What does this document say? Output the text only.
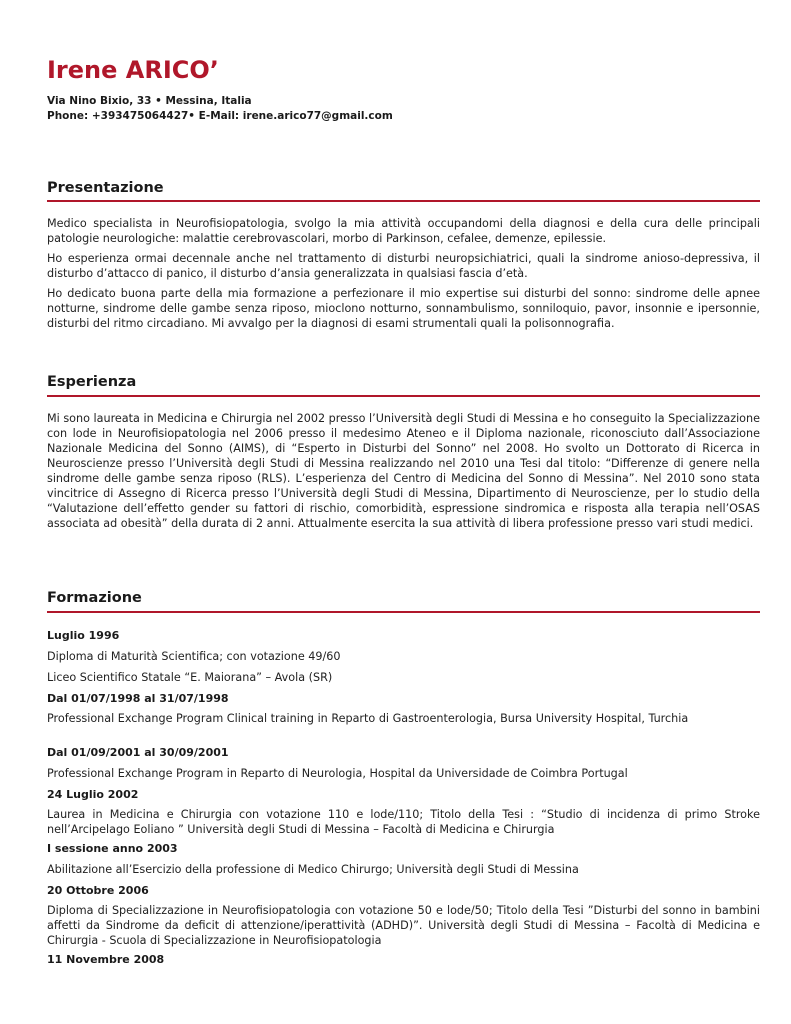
Irene ARICO’
Via Nino Bixio, 33 • Messina, Italia
Phone: +393475064427• E-Mail: irene.arico77@gmail.com
Presentazione
Medico specialista in Neurofisiopatologia, svolgo la mia attività occupandomi della diagnosi e della cura delle principali patologie neurologiche: malattie cerebrovascolari, morbo di Parkinson, cefalee, demenze, epilessie.
Ho esperienza ormai decennale anche nel trattamento di disturbi neuropsichiatrici, quali la sindrome anioso-depressiva, il disturbo d’attacco di panico, il disturbo d’ansia generalizzata in qualsiasi fascia d’età.
Ho dedicato buona parte della mia formazione a perfezionare il mio expertise sui disturbi del sonno: sindrome delle apnee notturne, sindrome delle gambe senza riposo, mioclono notturno, sonnambulismo, sonniloquio, pavor, insonnie e ipersonnie, disturbi del ritmo circadiano. Mi avvalgo per la diagnosi di esami strumentali quali la polisonnografia.
Esperienza
Mi sono laureata in Medicina e Chirurgia nel 2002 presso l’Università degli Studi di Messina e ho conseguito la Specializzazione con lode in Neurofisiopatologia nel 2006 presso il medesimo Ateneo e il Diploma nazionale, riconosciuto dall’Associazione Nazionale Medicina del Sonno (AIMS), di “Esperto in Disturbi del Sonno” nel 2008. Ho svolto un Dottorato di Ricerca in Neuroscienze presso l’Università degli Studi di Messina realizzando nel 2010 una Tesi dal titolo: “Differenze di genere nella sindrome delle gambe senza riposo (RLS). L’esperienza del Centro di Medicina del Sonno di Messina”. Nel 2010 sono stata vincitrice di Assegno di Ricerca presso l’Università degli Studi di Messina, Dipartimento di Neuroscienze, per lo studio della “Valutazione dell’effetto gender su fattori di rischio, comorbidità, espressione sindromica e risposta alla terapia nell’OSAS associata ad obesità” della durata di 2 anni. Attualmente esercita la sua attività di libera professione presso vari studi medici.
Formazione
Luglio 1996
Diploma di Maturità Scientifica; con votazione 49/60
Liceo Scientifico Statale “E. Maiorana” – Avola (SR)
Dal 01/07/1998 al 31/07/1998
Professional Exchange Program Clinical training in Reparto di Gastroenterologia, Bursa University Hospital, Turchia
Dal 01/09/2001 al 30/09/2001
Professional Exchange Program in Reparto di Neurologia, Hospital da Universidade de Coimbra Portugal
24 Luglio 2002
Laurea in Medicina e Chirurgia con votazione 110 e lode/110; Titolo della Tesi : “Studio di incidenza di primo Stroke nell’Arcipelago Eoliano ” Università degli Studi di Messina – Facoltà di Medicina e Chirurgia
I sessione anno 2003
Abilitazione all’Esercizio della professione di Medico Chirurgo; Università degli Studi di Messina
20 Ottobre 2006
Diploma di Specializzazione in Neurofisiopatologia con votazione 50 e lode/50; Titolo della Tesi ”Disturbi del sonno in bambini affetti da Sindrome da deficit di attenzione/iperattività (ADHD)”. Università degli Studi di Messina – Facoltà di Medicina e Chirurgia - Scuola di Specializzazione in Neurofisiopatologia
11 Novembre 2008
